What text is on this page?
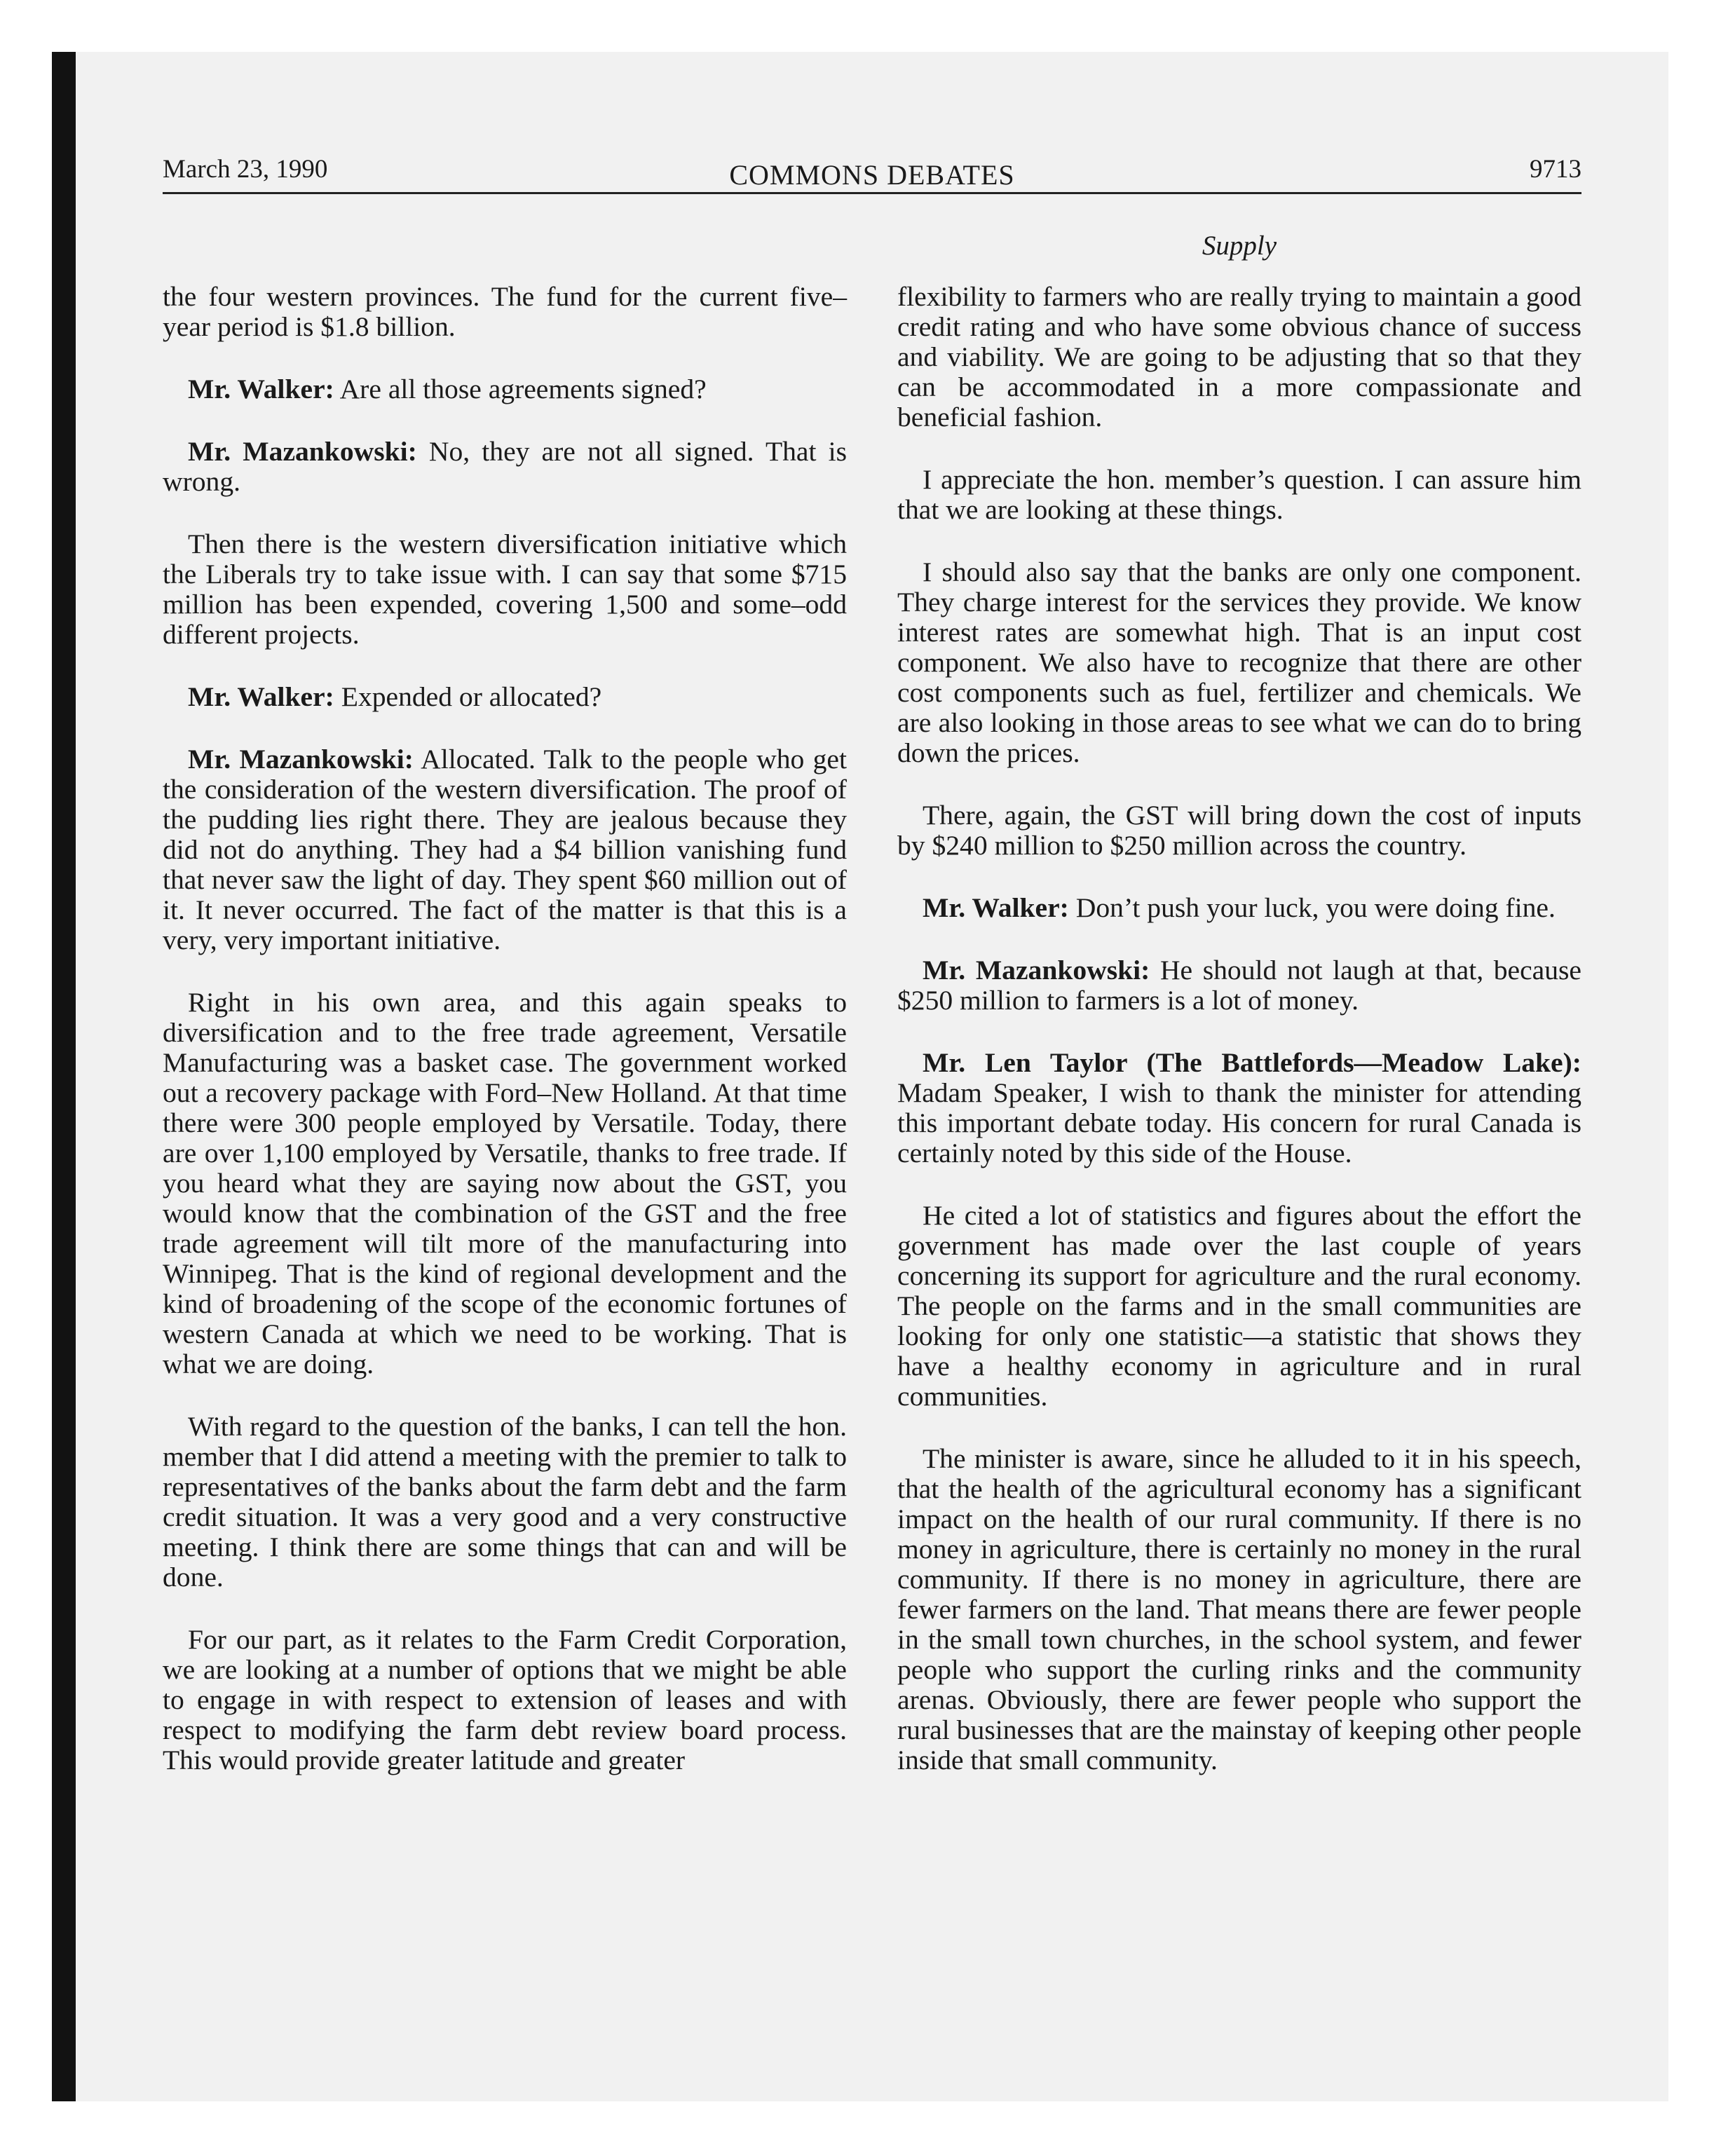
March 23, 1990	COMMONS DEBATES	9713
Supply

the four western provinces. The fund for the current five–year period is $1.8 billion.

Mr. Walker: Are all those agreements signed?

Mr. Mazankowski: No, they are not all signed. That is wrong.

Then there is the western diversification initiative which the Liberals try to take issue with. I can say that some $715 million has been expended, covering 1,500 and some–odd different projects.

Mr. Walker: Expended or allocated?

Mr. Mazankowski: Allocated. Talk to the people who get the consideration of the western diversification. The proof of the pudding lies right there. They are jealous because they did not do anything. They had a $4 billion vanishing fund that never saw the light of day. They spent $60 million out of it. It never occurred. The fact of the matter is that this is a very, very important initiative.

Right in his own area, and this again speaks to diversification and to the free trade agreement, Versatile Manufacturing was a basket case. The government worked out a recovery package with Ford–New Holland. At that time there were 300 people employed by Versatile. Today, there are over 1,100 employed by Versatile, thanks to free trade. If you heard what they are saying now about the GST, you would know that the combination of the GST and the free trade agreement will tilt more of the manufacturing into Winnipeg. That is the kind of regional development and the kind of broadening of the scope of the economic fortunes of western Canada at which we need to be working. That is what we are doing.

With regard to the question of the banks, I can tell the hon. member that I did attend a meeting with the premier to talk to representatives of the banks about the farm debt and the farm credit situation. It was a very good and a very constructive meeting. I think there are some things that can and will be done.

For our part, as it relates to the Farm Credit Corporation, we are looking at a number of options that we might be able to engage in with respect to extension of leases and with respect to modifying the farm debt review board process. This would provide greater latitude and greater

flexibility to farmers who are really trying to maintain a good credit rating and who have some obvious chance of success and viability. We are going to be adjusting that so that they can be accommodated in a more compassionate and beneficial fashion.

I appreciate the hon. member’s question. I can assure him that we are looking at these things.

I should also say that the banks are only one component. They charge interest for the services they provide. We know interest rates are somewhat high. That is an input cost component. We also have to recognize that there are other cost components such as fuel, fertilizer and chemicals. We are also looking in those areas to see what we can do to bring down the prices.

There, again, the GST will bring down the cost of inputs by $240 million to $250 million across the country.

Mr. Walker: Don’t push your luck, you were doing fine.

Mr. Mazankowski: He should not laugh at that, because $250 million to farmers is a lot of money.

Mr. Len Taylor (The Battlefords—Meadow Lake): Madam Speaker, I wish to thank the minister for attending this important debate today. His concern for rural Canada is certainly noted by this side of the House.

He cited a lot of statistics and figures about the effort the government has made over the last couple of years concerning its support for agriculture and the rural economy. The people on the farms and in the small communities are looking for only one statistic—a statistic that shows they have a healthy economy in agriculture and in rural communities.

The minister is aware, since he alluded to it in his speech, that the health of the agricultural economy has a significant impact on the health of our rural community. If there is no money in agriculture, there is certainly no money in the rural community. If there is no money in agriculture, there are fewer farmers on the land. That means there are fewer people in the small town churches, in the school system, and fewer people who support the curling rinks and the community arenas. Obviously, there are fewer people who support the rural businesses that are the mainstay of keeping other people inside that small community.
